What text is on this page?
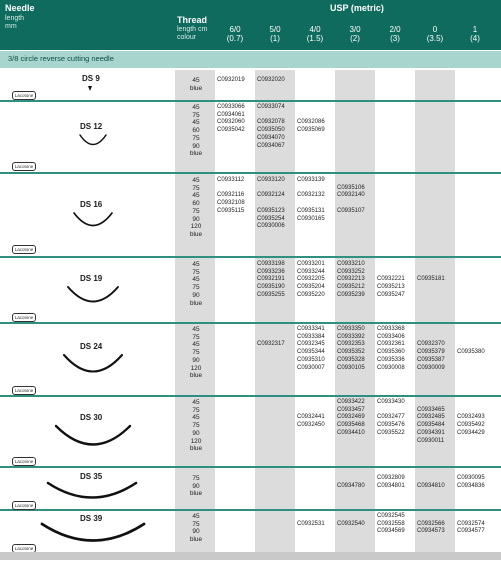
Needle
length
mm
Thread
length cm
colour
USP (metric)
6/0
(0.7)
5/0
(1)
4/0
(1.5)
3/0
(2)
2/0
(3)
0
(3.5)
1
(4)
3/8 circle reverse cutting needle
DS 9
Lacotone
45
blue
C0932019 C0932020
DS 12
Lacotone
45
75
45
60
75
90
blue
C0933066
C0934061
C0932060
C0935042
C0933074

C0932078
C0935050
C0934070
C0934067

C0932086
C0935069
DS 16
Lacotone
45
75
45
60
75
90
120
blue
C0933112

C0932116
C0932108
C0935115
C0933120

C0932124

C0935123
C0935254
C0930006
C0933139

C0932132

C0935131
C0930165

C0935106
C0932140

C0935107
DS 19
Lacotone
45
75
45
75
90
blue
C0933198
C0933236
C0932191
C0935190
C0935255
C0933201
C0933244
C0932205
C0935204
C0935220
C0933210
C0933252
C0932213
C0935212
C0935239

C0932221
C0935213
C0935247

C0935181
DS 24
Lacotone
45
75
45
75
90
120
blue

C0932317
C0933341
C0933384
C0932345
C0935344
C0935310
C0930007
C0933350
C0933392
C0932353
C0935352
C0935328
C0930105
C0933368
C0933406
C0932361
C0935360
C0935336
C0930008

C0932370
C0935379
C0935387
C0930009

C0935380
DS 30
Lacotone
45
75
45
75
90
120
blue

C0932441
C0932450
C0933422
C0933457
C0932469
C0935468
C0934410
C0933430

C0932477
C0935476
C0935522

C0933465
C0932485
C0935484
C0934391
C0930011

C0932493
C0935492
C0934429
DS 35
Lacotone
75
90
blue

C0934780
C0932809
C0934801
C0934810
C0930095
C0934836
DS 39
Lacotone
45
75
90
blue

C0932531
C0932540
C0932545
C0932558
C0934569

C0932566
C0934573

C0932574
C0934577
